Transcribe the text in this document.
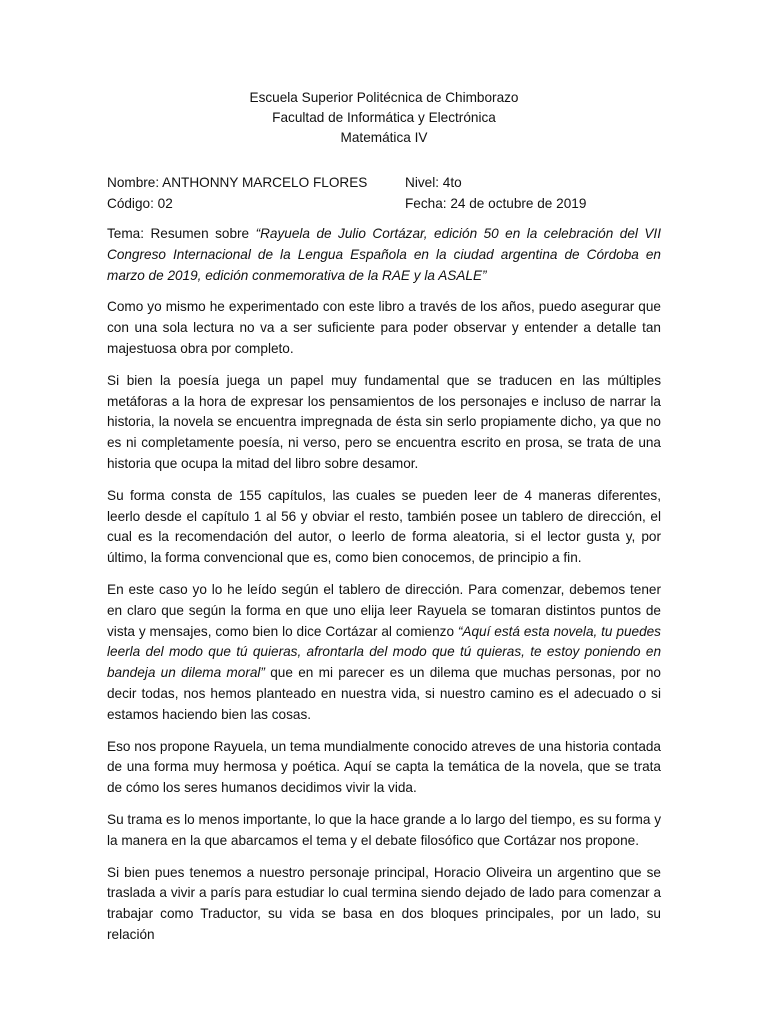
Escuela Superior Politécnica de Chimborazo
Facultad de Informática y Electrónica
Matemática IV
Nombre: ANTHONNY MARCELO FLORES	Nivel: 4to
Código: 02	Fecha: 24 de octubre de 2019

Tema: Resumen sobre “Rayuela de Julio Cortázar, edición 50 en la celebración del VII Congreso Internacional de la Lengua Española en la ciudad argentina de Córdoba en marzo de 2019, edición conmemorativa de la RAE y la ASALE”

Como yo mismo he experimentado con este libro a través de los años, puedo asegurar que con una sola lectura no va a ser suficiente para poder observar y entender a detalle tan majestuosa obra por completo.

Si bien la poesía juega un papel muy fundamental que se traducen en las múltiples metáforas a la hora de expresar los pensamientos de los personajes e incluso de narrar la historia, la novela se encuentra impregnada de ésta sin serlo propiamente dicho, ya que no es ni completamente poesía, ni verso, pero se encuentra escrito en prosa, se trata de una historia que ocupa la mitad del libro sobre desamor.

Su forma consta de 155 capítulos, las cuales se pueden leer de 4 maneras diferentes, leerlo desde el capítulo 1 al 56 y obviar el resto, también posee un tablero de dirección, el cual es la recomendación del autor, o leerlo de forma aleatoria, si el lector gusta y, por último, la forma convencional que es, como bien conocemos, de principio a fin.

En este caso yo lo he leído según el tablero de dirección. Para comenzar, debemos tener en claro que según la forma en que uno elija leer Rayuela se tomaran distintos puntos de vista y mensajes, como bien lo dice Cortázar al comienzo “Aquí está esta novela, tu puedes leerla del modo que tú quieras, afrontarla del modo que tú quieras, te estoy poniendo en bandeja un dilema moral” que en mi parecer es un dilema que muchas personas, por no decir todas, nos hemos planteado en nuestra vida, si nuestro camino es el adecuado o si estamos haciendo bien las cosas.

Eso nos propone Rayuela, un tema mundialmente conocido atreves de una historia contada de una forma muy hermosa y poética. Aquí se capta la temática de la novela, que se trata de cómo los seres humanos decidimos vivir la vida.

Su trama es lo menos importante, lo que la hace grande a lo largo del tiempo, es su forma y la manera en la que abarcamos el tema y el debate filosófico que Cortázar nos propone.

Si bien pues tenemos a nuestro personaje principal, Horacio Oliveira un argentino que se traslada a vivir a parís para estudiar lo cual termina siendo dejado de lado para comenzar a trabajar como Traductor, su vida se basa en dos bloques principales, por un lado, su relación
